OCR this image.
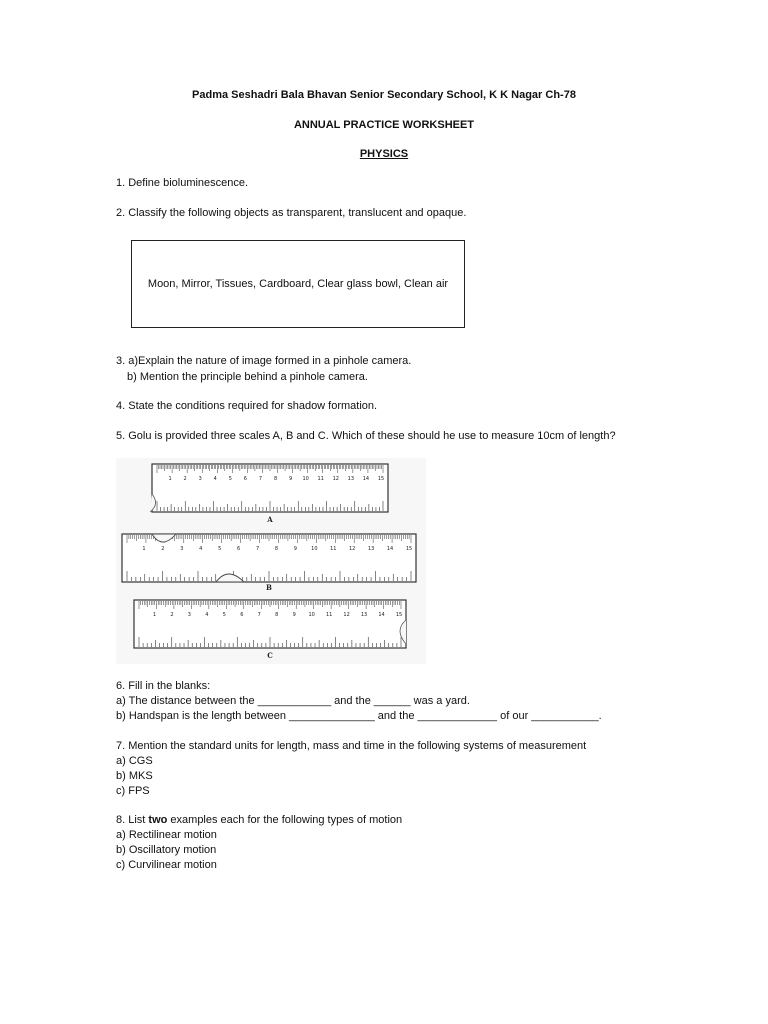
Padma Seshadri Bala Bhavan Senior Secondary School, K K Nagar Ch-78
ANNUAL PRACTICE WORKSHEET
PHYSICS
1. Define bioluminescence.
2. Classify the following objects as transparent, translucent and opaque.
Moon, Mirror, Tissues, Cardboard, Clear glass bowl, Clean air
3. a)Explain the nature of image formed in a pinhole camera.
b) Mention the principle behind a pinhole camera.
4. State the conditions required for shadow formation.
5. Golu is provided three scales A, B and C. Which of these should he use to measure 10cm of length?
1 2 3 4 5 6 7 8 9 10 11 12 13 14 15
A
1	2	3	4	5	6	7	8	9	10	11	12	13	14	15
B
1	2	3	4	5	6	7	8	9	10 11 12 13 14 15
C
6. Fill in the blanks:
a) The distance between the ____________ and the ______ was a yard.
b) Handspan is the length between ______________ and the _____________ of our ___________.
7. Mention the standard units for length, mass and time in the following systems of measurement
a) CGS
b) MKS
c) FPS
8. List two examples each for the following types of motion
a) Rectilinear motion
b) Oscillatory motion
c) Curvilinear motion
